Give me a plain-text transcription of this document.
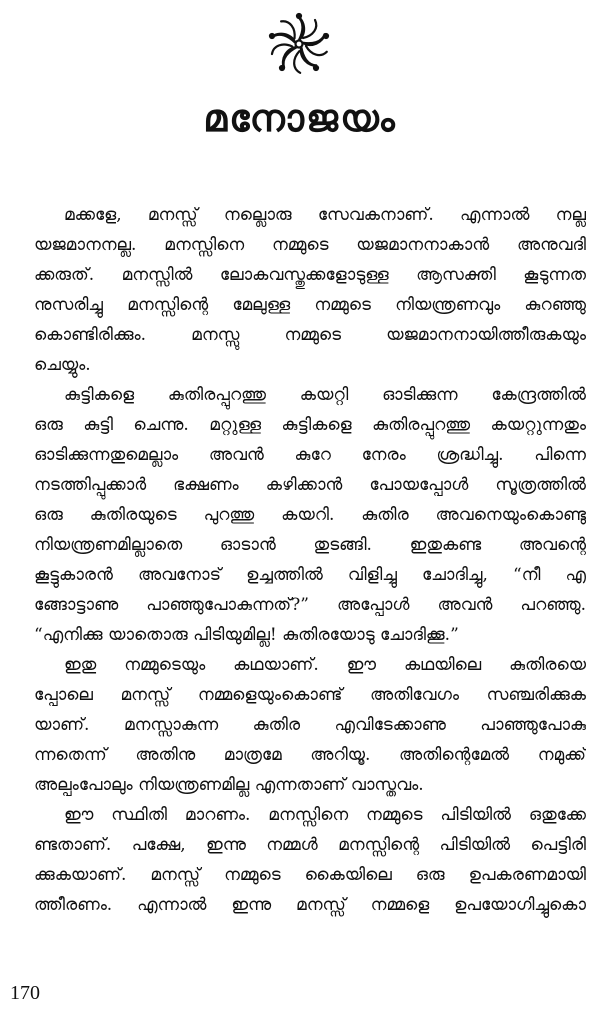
മനോജയം
മക്കളേ, മനസ്സ് നല്ലൊരു സേവകനാണ്. എന്നാൽ നല്ല
യജമാനനല്ല. മനസ്സിനെ നമ്മുടെ യജമാനനാകാൻ അനുവദി
ക്കരുത്. മനസ്സിൽ ലോകവസ്തുക്കളോടുള്ള ആസക്തി കൂടുന്നത
നുസരിച്ചു മനസ്സിന്റെ മേലുള്ള നമ്മുടെ നിയന്ത്രണവും കുറഞ്ഞു
കൊണ്ടിരിക്കും. മനസ്സു നമ്മുടെ യജമാനനായിത്തീരുകയും
ചെയ്യും.
കുട്ടികളെ കുതിരപ്പുറത്തു കയറ്റി ഓടിക്കുന്ന കേന്ദ്രത്തിൽ
ഒരു കുട്ടി ചെന്നു. മറ്റുള്ള കുട്ടികളെ കുതിരപ്പുറത്തു കയറ്റുന്നതും
ഓടിക്കുന്നതുമെല്ലാം അവൻ കുറേ നേരം ശ്രദ്ധിച്ചു. പിന്നെ
നടത്തിപ്പുക്കാർ ഭക്ഷണം കഴിക്കാൻ പോയപ്പോൾ സൂത്രത്തിൽ
ഒരു കുതിരയുടെ പുറത്തു കയറി. കുതിര അവനെയുംകൊണ്ടു
നിയന്ത്രണമില്ലാതെ ഓടാൻ തുടങ്ങി. ഇതുകണ്ട അവന്റെ
കൂട്ടുകാരൻ അവനോട് ഉച്ചത്തിൽ വിളിച്ചു ചോദിച്ചു, “നീ എ
ങ്ങോട്ടാണു പാഞ്ഞുപോകുന്നത്?” അപ്പോൾ അവൻ പറഞ്ഞു.
“എനിക്കു യാതൊരു പിടിയുമില്ല! കുതിരയോടു ചോദിക്കൂ.”
ഇതു നമ്മുടെയും കഥയാണ്. ഈ കഥയിലെ കുതിരയെ
പ്പോലെ മനസ്സ് നമ്മളെയുംകൊണ്ട് അതിവേഗം സഞ്ചരിക്കുക
യാണ്. മനസ്സാകുന്ന കുതിര എവിടേക്കാണു പാഞ്ഞുപോകു
ന്നതെന്ന് അതിനു മാത്രമേ അറിയൂ. അതിന്റെമേൽ നമുക്ക്
അല്പംപോലും നിയന്ത്രണമില്ല എന്നതാണ് വാസ്തവം.
ഈ സ്ഥിതി മാറണം. മനസ്സിനെ നമ്മുടെ പിടിയിൽ ഒതുക്കേ
ണ്ടതാണ്. പക്ഷേ, ഇന്നു നമ്മൾ മനസ്സിന്റെ പിടിയിൽ പെട്ടിരി
ക്കുകയാണ്. മനസ്സ് നമ്മുടെ കൈയിലെ ഒരു ഉപകരണമായി
ത്തീരണം. എന്നാൽ ഇന്നു മനസ്സ് നമ്മളെ ഉപയോഗിച്ചുകൊ
170
